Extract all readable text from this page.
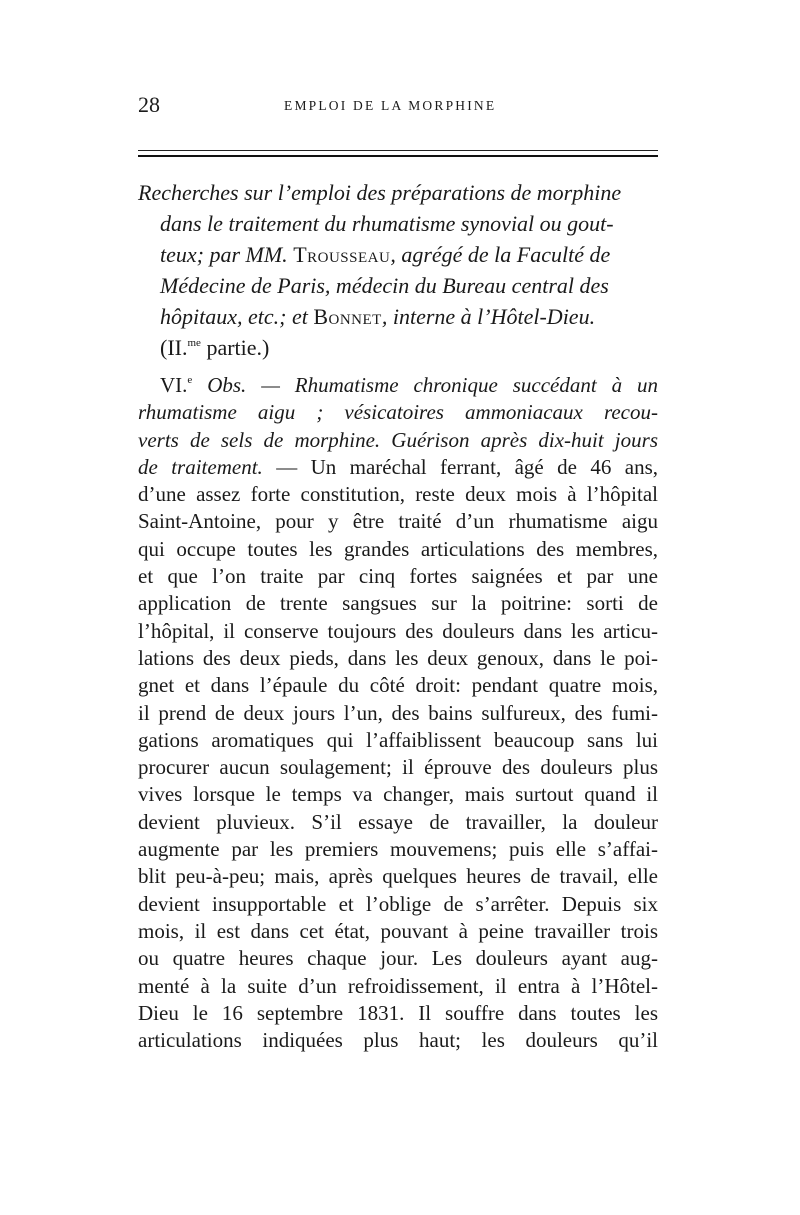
28	EMPLOI DE LA MORPHINE
Recherches sur l’emploi des préparations de morphine
dans le traitement du rhumatisme synovial ou gout-
teux; par MM. Trousseau, agrégé de la Faculté de
Médecine de Paris, médecin du Bureau central des
hôpitaux, etc.; et Bonnet, interne à l’Hôtel-Dieu.
(II.$^{me}$ partie.)
VI.$^e$ Obs. — Rhumatisme chronique succédant à un
rhumatisme aigu ; vésicatoires ammoniacaux recou-
verts de sels de morphine. Guérison après dix-huit jours
de traitement. — Un maréchal ferrant, âgé de 46 ans,
d’une assez forte constitution, reste deux mois à l’hôpital
Saint-Antoine, pour y être traité d’un rhumatisme aigu
qui occupe toutes les grandes articulations des membres,
et que l’on traite par cinq fortes saignées et par une
application de trente sangsues sur la poitrine: sorti de
l’hôpital, il conserve toujours des douleurs dans les articu-
lations des deux pieds, dans les deux genoux, dans le poi-
gnet et dans l’épaule du côté droit: pendant quatre mois,
il prend de deux jours l’un, des bains sulfureux, des fumi-
gations aromatiques qui l’affaiblissent beaucoup sans lui
procurer aucun soulagement; il éprouve des douleurs plus
vives lorsque le temps va changer, mais surtout quand il
devient pluvieux. S’il essaye de travailler, la douleur
augmente par les premiers mouvemens; puis elle s’affai-
blit peu-à-peu; mais, après quelques heures de travail, elle
devient insupportable et l’oblige de s’arrêter. Depuis six
mois, il est dans cet état, pouvant à peine travailler trois
ou quatre heures chaque jour. Les douleurs ayant aug-
menté à la suite d’un refroidissement, il entra à l’Hôtel-
Dieu le 16 septembre 1831. Il souffre dans toutes les
articulations indiquées plus haut; les douleurs qu’il
